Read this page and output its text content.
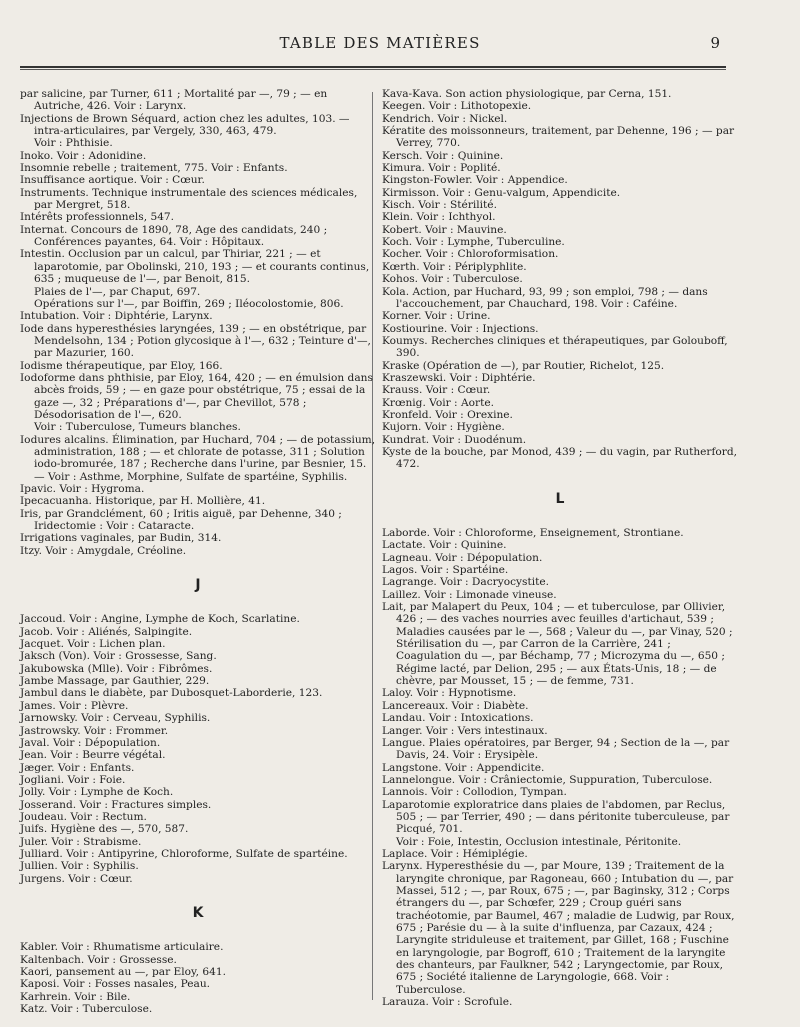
TABLE DES MATIÈRES	9
par salicine, par Turner, 611 ; Mortalité par —, 79 ; — en Autriche, 426. Voir : Larynx.
Injections de Brown Séquard, action chez les adultes, 103. — intra-articulaires, par Vergely, 330, 463, 479.
Voir : Phthisie.
Inoko. Voir : Adonidine.
Insomnie rebelle ; traitement, 775. Voir : Enfants.
Insuffisance aortique. Voir : Cœur.
Instruments. Technique instrumentale des sciences médicales, par Mergret, 518.
Intérêts professionnels, 547.
Internat. Concours de 1890, 78, Age des candidats, 240 ; Conférences payantes, 64. Voir : Hôpitaux.
Intestin. Occlusion par un calcul, par Thiriar, 221 ; — et laparotomie, par Obolinski, 210, 193 ; — et courants continus, 635 ; muqueuse de l'—, par Benoit, 815.
Plaies de l'—, par Chaput, 697.
Opérations sur l'—, par Boiffin, 269 ; Iléocolostomie, 806.
Intubation. Voir : Diphtérie, Larynx.
Iode dans hyperesthésies laryngées, 139 ; — en obstétrique, par Mendelsohn, 134 ; Potion glycosique à l'—, 632 ; Teinture d'—, par Mazurier, 160.
Iodisme thérapeutique, par Eloy, 166.
Iodoforme dans phthisie, par Eloy, 164, 420 ; — en émulsion dans abcès froids, 59 ; — en gaze pour obstétrique, 75 ; essai de la gaze —, 32 ; Préparations d'—, par Chevillot, 578 ; Désodorisation de l'—, 620.
Voir : Tuberculose, Tumeurs blanches.
Iodures alcalins. Élimination, par Huchard, 704 ; — de potassium, administration, 188 ; — et chlorate de potasse, 311 ; Solution iodo-bromurée, 187 ; Recherche dans l'urine, par Besnier, 15. — Voir : Asthme, Morphine, Sulfate de spartéine, Syphilis.
Ipavic. Voir : Hygroma.
Ipecacuanha. Historique, par H. Mollière, 41.
Iris, par Grandclément, 60 ; Iritis aiguë, par Dehenne, 340 ; Iridectomie : Voir : Cataracte.
Irrigations vaginales, par Budin, 314.
Itzy. Voir : Amygdale, Créoline.
J
Jaccoud. Voir : Angine, Lymphe de Koch, Scarlatine.
Jacob. Voir : Aliénés, Salpingite.
Jacquet. Voir : Lichen plan.
Jaksch (Von). Voir : Grossesse, Sang.
Jakubowska (Mlle). Voir : Fibrômes.
Jambe Massage, par Gauthier, 229.
Jambul dans le diabète, par Dubosquet-Laborderie, 123.
James. Voir : Plèvre.
Jarnowsky. Voir : Cerveau, Syphilis.
Jastrowsky. Voir : Frommer.
Javal. Voir : Dépopulation.
Jean. Voir : Beurre végétal.
Jæger. Voir : Enfants.
Jogliani. Voir : Foie.
Jolly. Voir : Lymphe de Koch.
Josserand. Voir : Fractures simples.
Joudeau. Voir : Rectum.
Juifs. Hygiène des —, 570, 587.
Juler. Voir : Strabisme.
Julliard. Voir : Antipyrine, Chloroforme, Sulfate de spartéine.
Jullien. Voir : Syphilis.
Jurgens. Voir : Cœur.
K
Kabler. Voir : Rhumatisme articulaire.
Kaltenbach. Voir : Grossesse.
Kaori, pansement au —, par Eloy, 641.
Kaposi. Voir : Fosses nasales, Peau.
Karhrein. Voir : Bile.
Katz. Voir : Tuberculose.
Kava-Kava. Son action physiologique, par Cerna, 151.
Keegen. Voir : Lithotopexie.
Kendrich. Voir : Nickel.
Kératite des moissonneurs, traitement, par Dehenne, 196 ; — par Verrey, 770.
Kersch. Voir : Quinine.
Kimura. Voir : Poplité.
Kingston-Fowler. Voir : Appendice.
Kirmisson. Voir : Genu-valgum, Appendicite.
Kisch. Voir : Stérilité.
Klein. Voir : Ichthyol.
Kobert. Voir : Mauvine.
Koch. Voir : Lymphe, Tuberculine.
Kocher. Voir : Chloroformisation.
Kœrth. Voir : Périplyphlite.
Kohos. Voir : Tuberculose.
Kola. Action, par Huchard, 93, 99 ; son emploi, 798 ; — dans l'accouchement, par Chauchard, 198. Voir : Caféine.
Korner. Voir : Urine.
Kostiourine. Voir : Injections.
Koumys. Recherches cliniques et thérapeutiques, par Golouboff, 390.
Kraske (Opération de —), par Routier, Richelot, 125.
Kraszewski. Voir : Diphtérie.
Krauss. Voir : Cœur.
Krœnig. Voir : Aorte.
Kronfeld. Voir : Orexine.
Kujorn. Voir : Hygiène.
Kundrat. Voir : Duodénum.
Kyste de la bouche, par Monod, 439 ; — du vagin, par Rutherford, 472.
L
Laborde. Voir : Chloroforme, Enseignement, Strontiane.
Lactate. Voir : Quinine.
Lagneau. Voir : Dépopulation.
Lagos. Voir : Spartéine.
Lagrange. Voir : Dacryocystite.
Laillez. Voir : Limonade vineuse.
Lait, par Malapert du Peux, 104 ; — et tuberculose, par Ollivier, 426 ; — des vaches nourries avec feuilles d'artichaut, 539 ; Maladies causées par le —, 568 ; Valeur du —, par Vinay, 520 ; Stérilisation du —, par Carron de la Carrière, 241 ; Coagulation du —, par Béchamp, 77 ; Microzyma du —, 650 ; Régime lacté, par Delion, 295 ; — aux États-Unis, 18 ; — de chèvre, par Mousset, 15 ; — de femme, 731.
Laloy. Voir : Hypnotisme.
Lancereaux. Voir : Diabète.
Landau. Voir : Intoxications.
Langer. Voir : Vers intestinaux.
Langue. Plaies opératoires, par Berger, 94 ; Section de la —, par Davis, 24. Voir : Erysipèle.
Langstone. Voir : Appendicite.
Lannelongue. Voir : Crâniectomie, Suppuration, Tuberculose.
Lannois. Voir : Collodion, Tympan.
Laparotomie exploratrice dans plaies de l'abdomen, par Reclus, 505 ; — par Terrier, 490 ; — dans péritonite tuberculeuse, par Picqué, 701.
Voir : Foie, Intestin, Occlusion intestinale, Péritonite.
Laplace. Voir : Hémiplégie.
Larynx. Hyperesthésie du —, par Moure, 139 ; Traitement de la laryngite chronique, par Ragoneau, 660 ; Intubation du —, par Massei, 512 ; —, par Roux, 675 ; —, par Baginsky, 312 ; Corps étrangers du —, par Schœfer, 229 ; Croup guéri sans trachéotomie, par Baumel, 467 ; maladie de Ludwig, par Roux, 675 ; Parésie du — à la suite d'influenza, par Cazaux, 424 ; Laryngite striduleuse et traitement, par Gillet, 168 ; Fuschine en laryngologie, par Bogroff, 610 ; Traitement de la laryngite des chanteurs, par Faulkner, 542 ; Laryngectomie, par Roux, 675 ; Société italienne de Laryngologie, 668. Voir : Tuberculose.
Larauza. Voir : Scrofule.
